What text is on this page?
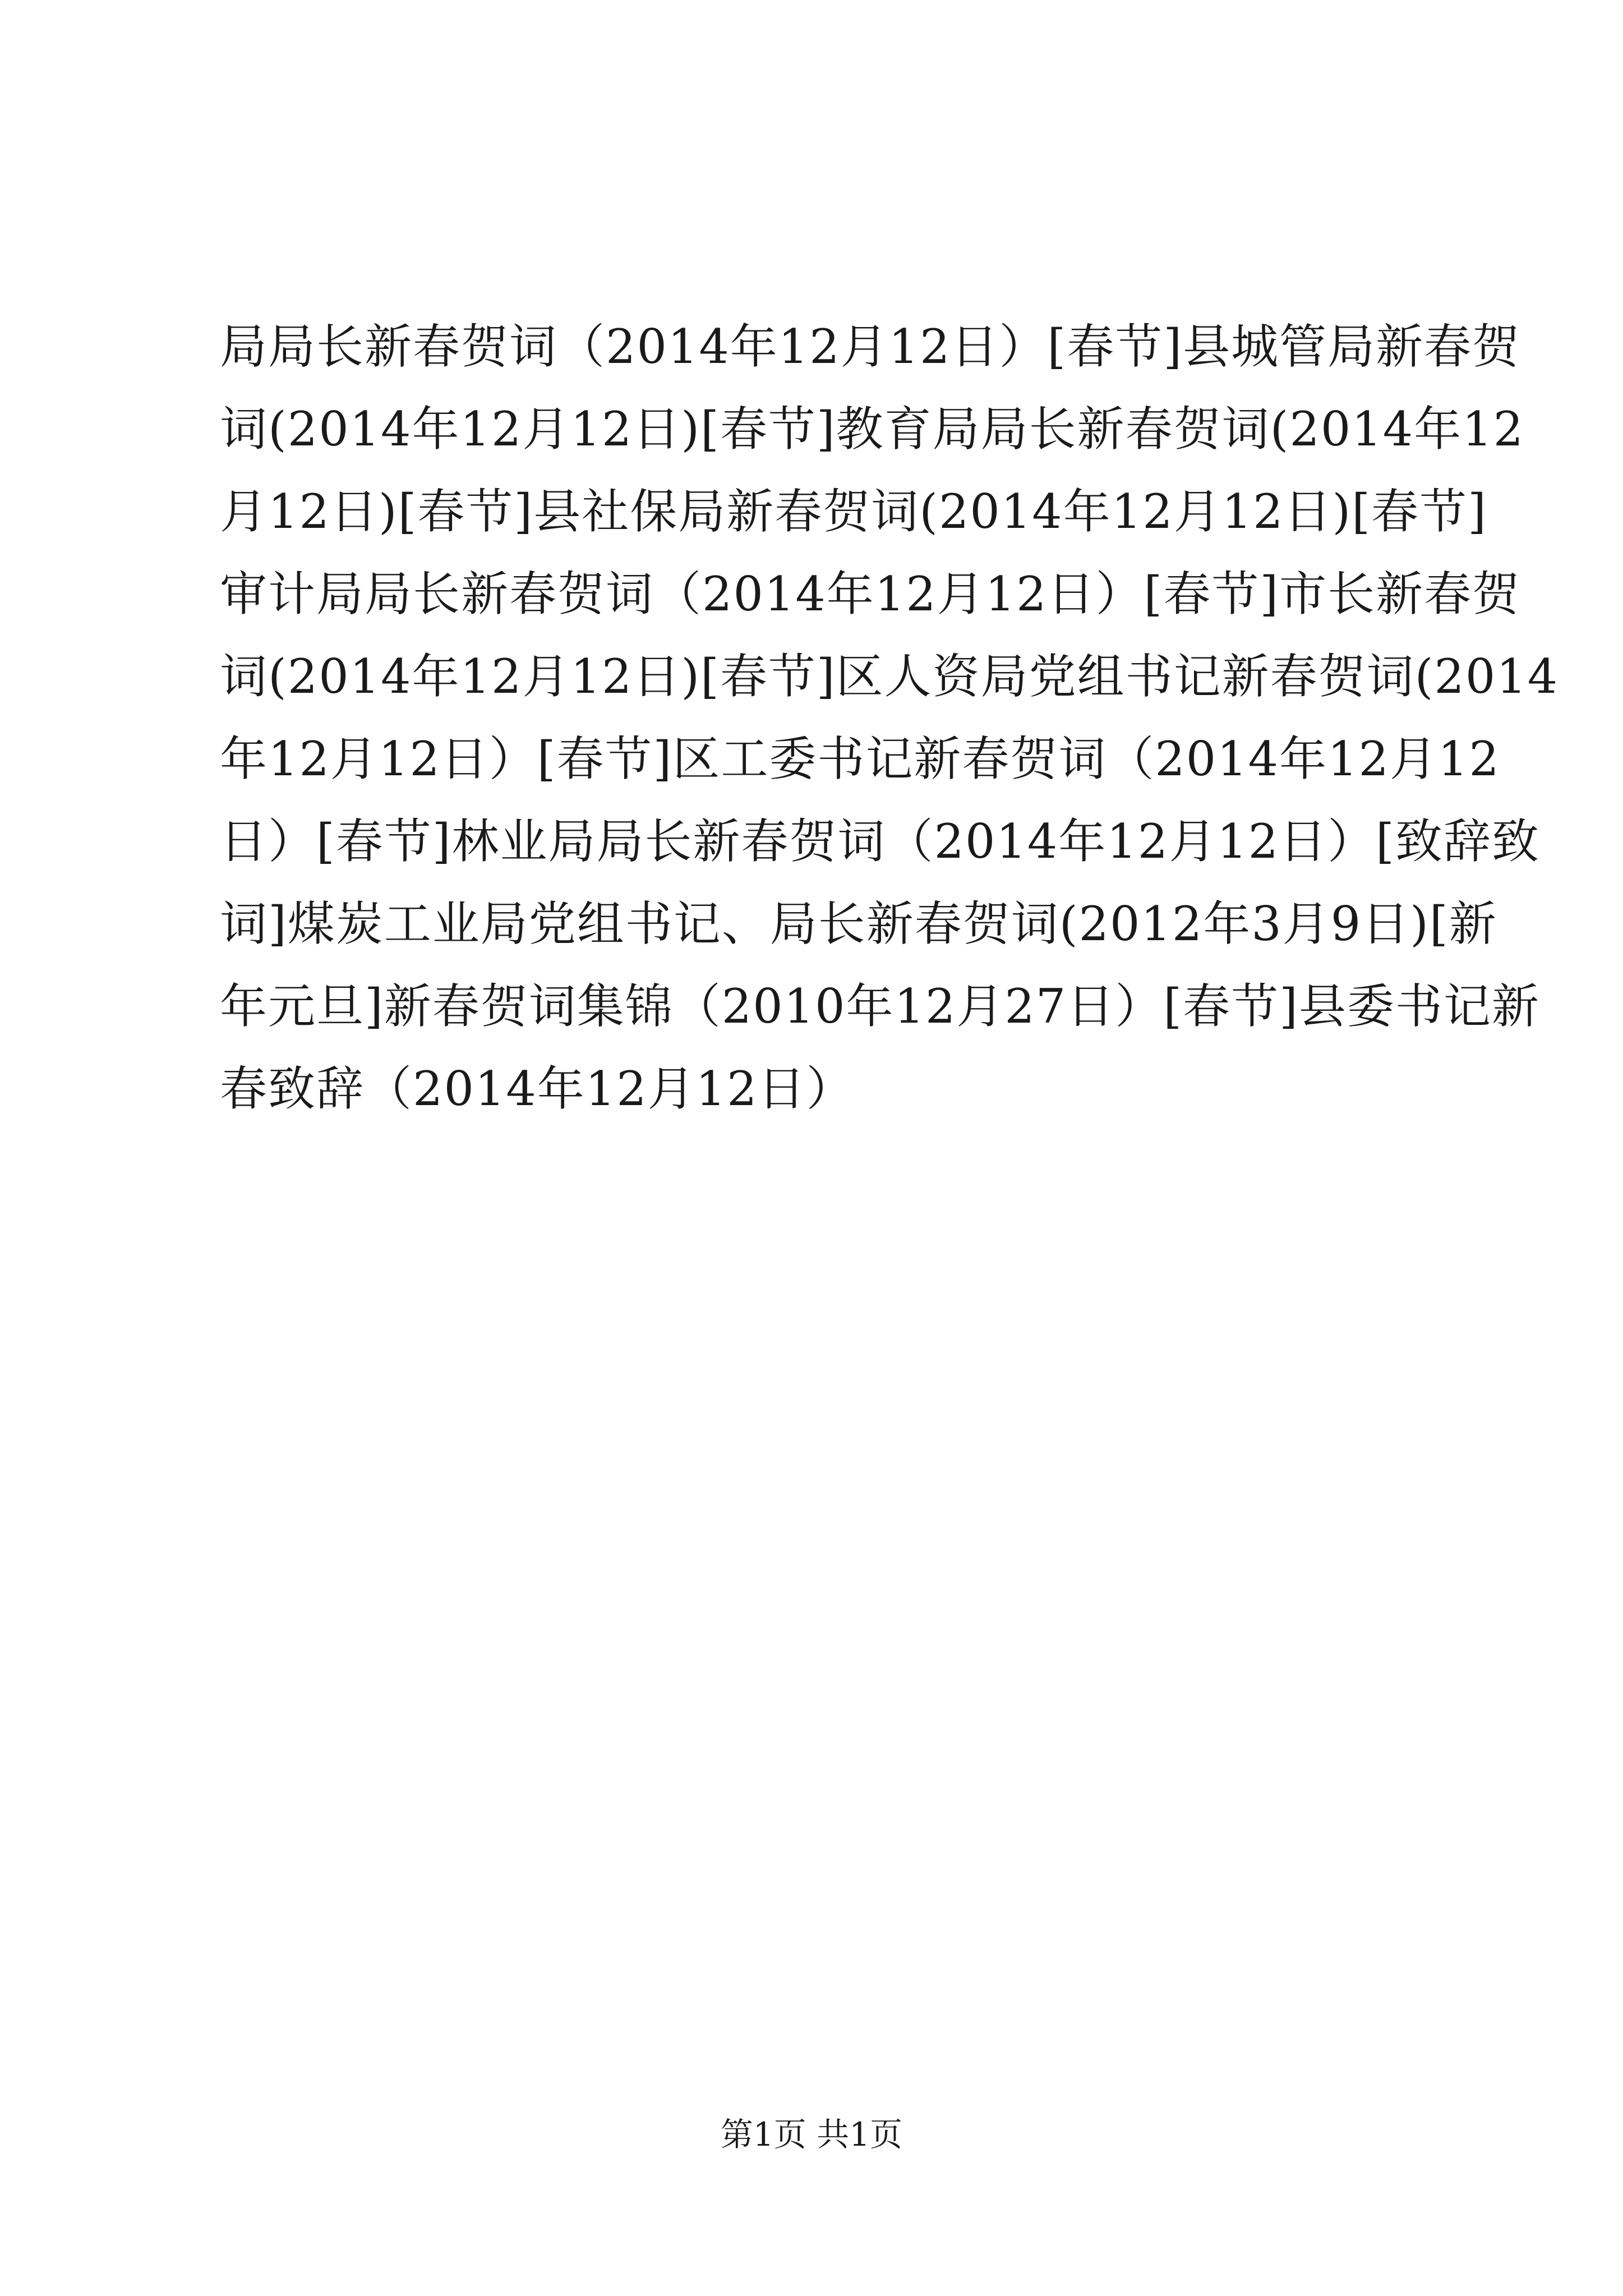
局局长新春贺词（2014年12月12日）[春节]县城管局新春贺
词(2014年12月12日)[春节]教育局局长新春贺词(2014年12
月12日)[春节]县社保局新春贺词(2014年12月12日)[春节]
审计局局长新春贺词（2014年12月12日）[春节]市长新春贺
词(2014年12月12日)[春节]区人资局党组书记新春贺词(2014
年12月12日）[春节]区工委书记新春贺词（2014年12月12
日）[春节]林业局局长新春贺词（2014年12月12日）[致辞致
词]煤炭工业局党组书记、局长新春贺词(2012年3月9日)[新
年元旦]新春贺词集锦（2010年12月27日）[春节]县委书记新
春致辞（2014年12月12日）
第1页 共1页
